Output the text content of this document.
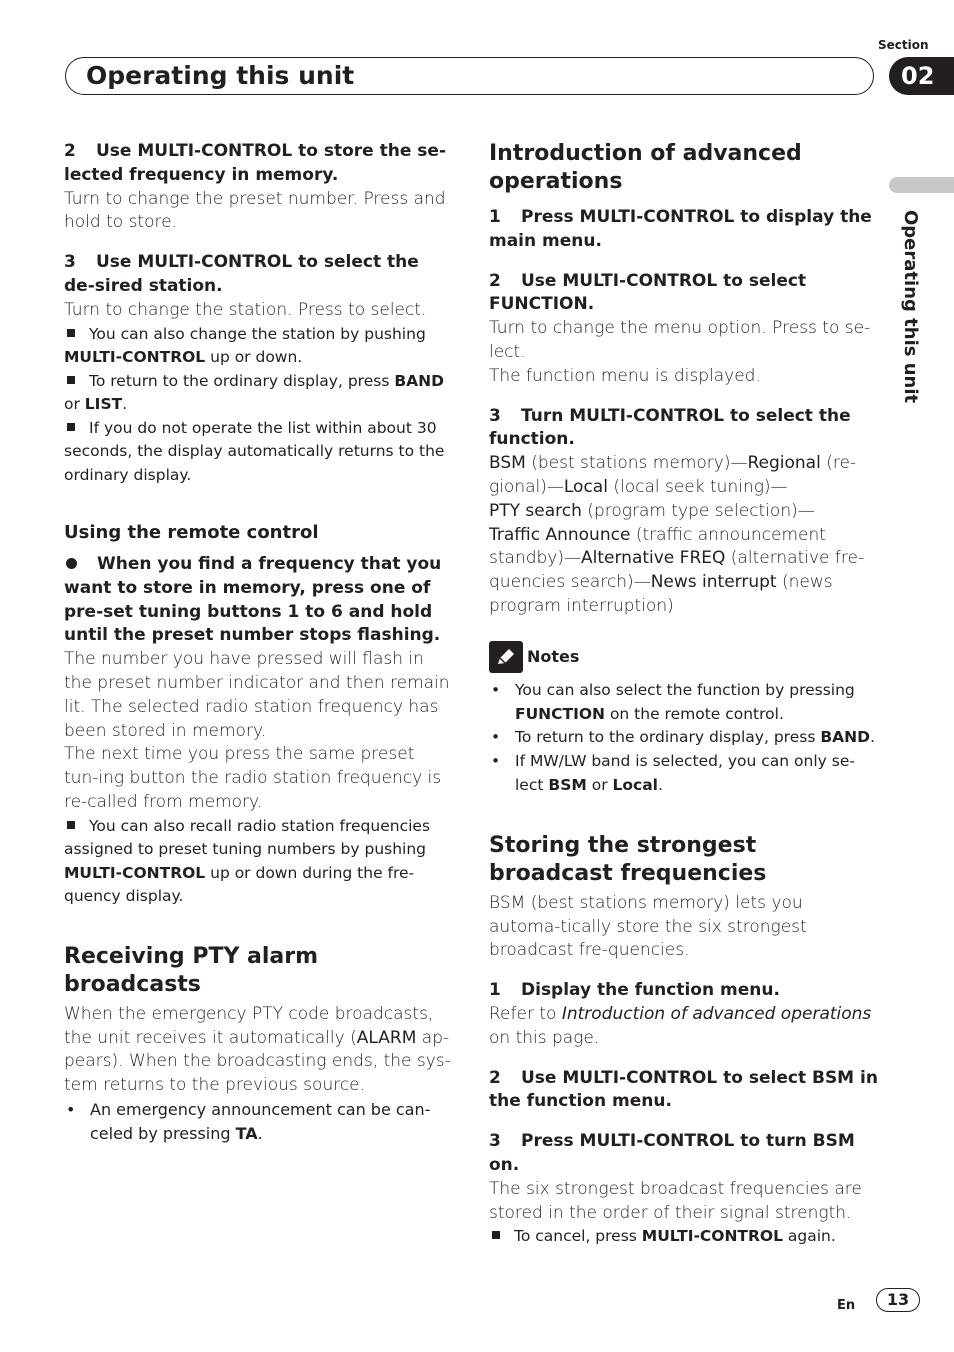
Section
Operating this unit	02
Operating this unit

2 Use MULTI-CONTROL to store the se-lected frequency in memory.

Turn to change the preset number. Press and hold to store.

3 Use MULTI-CONTROL to select the de-sired station.

Turn to change the station. Press to select.

You can also change the station by pushing MULTI-CONTROL up or down.

To return to the ordinary display, press BAND or LIST.

If you do not operate the list within about 30 seconds, the display automatically returns to the ordinary display.

Using the remote control

When you find a frequency that you want to store in memory, press one of pre-set tuning buttons 1 to 6 and hold until the preset number stops flashing.

The number you have pressed will flash in the preset number indicator and then remain lit. The selected radio station frequency has been stored in memory.

The next time you press the same preset tun-ing button the radio station frequency is re-called from memory.

You can also recall radio station frequencies assigned to preset tuning numbers by pushing MULTI-CONTROL up or down during the fre-quency display.

Receiving PTY alarm broadcasts

When the emergency PTY code broadcasts, the unit receives it automatically (ALARM ap-pears). When the broadcasting ends, the sys-tem returns to the previous source.

• An emergency announcement can be can-celed by pressing TA.

Introduction of advanced operations

1 Press MULTI-CONTROL to display the main menu.

2 Use MULTI-CONTROL to select FUNCTION.

Turn to change the menu option. Press to se-lect.

The function menu is displayed.

3 Turn MULTI-CONTROL to select the function.

BSM (best stations memory)—Regional (re-gional)—Local (local seek tuning)—
PTY search (program type selection)—
Traffic Announce (traffic announcement standby)—Alternative FREQ (alternative fre-quencies search)—News interrupt (news program interruption)

Notes
• You can also select the function by pressing FUNCTION on the remote control.
• To return to the ordinary display, press BAND.
• If MW/LW band is selected, you can only se-lect BSM or Local.

Storing the strongest broadcast frequencies

BSM (best stations memory) lets you automa-tically store the six strongest broadcast fre-quencies.

1 Display the function menu.

Refer to Introduction of advanced operations on this page.

2 Use MULTI-CONTROL to select BSM in the function menu.

3 Press MULTI-CONTROL to turn BSM on.

The six strongest broadcast frequencies are stored in the order of their signal strength.

To cancel, press MULTI-CONTROL again.

En	13
